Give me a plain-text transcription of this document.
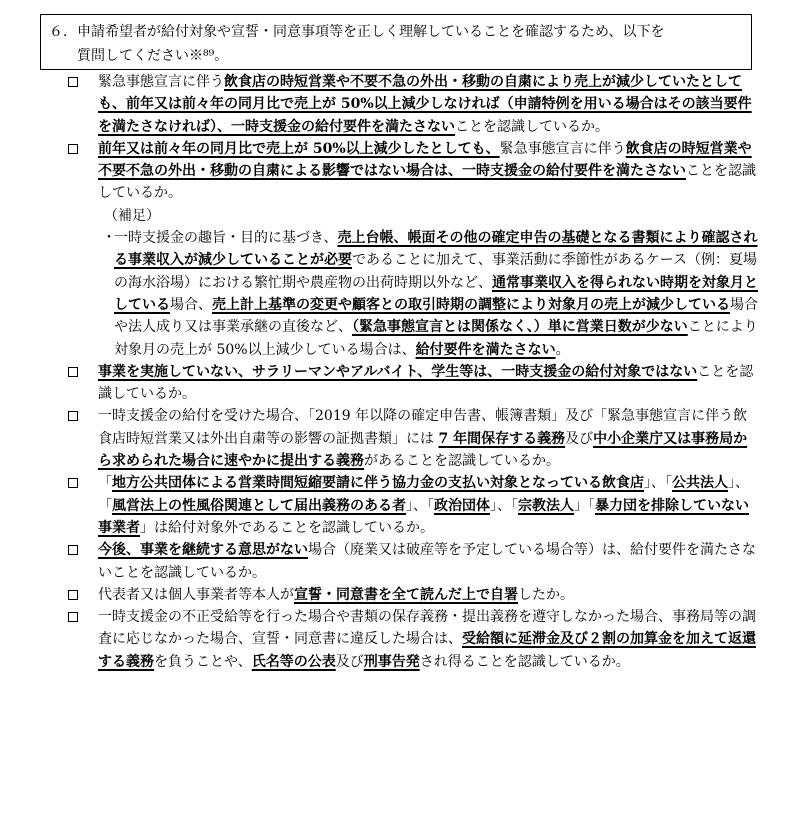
６．申請希望者が給付対象や宣誓・同意事項等を正しく理解していることを確認するため、以下を
質問してください※⁸⁹。
緊急事態宣言に伴う飲食店の時短営業や不要不急の外出・移動の自粛により売上が減少していたとしても、前年又は前々年の同月比で売上が 50%以上減少しなければ（申請特例を用いる場合はその該当要件を満たさなければ）、一時支援金の給付要件を満たさないことを認識しているか。
前年又は前々年の同月比で売上が 50%以上減少したとしても、緊急事態宣言に伴う飲食店の時短営業や不要不急の外出・移動の自粛による影響ではない場合は、一時支援金の給付要件を満たさないことを認識しているか。
（補足）
・
一時支援金の趣旨・目的に基づき、売上台帳、帳面その他の確定申告の基礎となる書類により確認される事業収入が減少していることが必要であることに加えて、事業活動に季節性があるケース（例：夏場の海水浴場）における繁忙期や農産物の出荷時期以外など、通常事業収入を得られない時期を対象月としている場合、売上計上基準の変更や顧客との取引時期の調整により対象月の売上が減少している場合や法人成り又は事業承継の直後など、（緊急事態宣言とは関係なく、）単に営業日数が少ないことにより対象月の売上が 50%以上減少している場合は、給付要件を満たさない。
事業を実施していない、サラリーマンやアルバイト、学生等は、一時支援金の給付対象ではないことを認識しているか。
一時支援金の給付を受けた場合、「2019 年以降の確定申告書、帳簿書類」及び「緊急事態宣言に伴う飲食店時短営業又は外出自粛等の影響の証拠書類」には 7 年間保存する義務及び中小企業庁又は事務局から求められた場合に速やかに提出する義務があることを認識しているか。
「地方公共団体による営業時間短縮要請に伴う協力金の支払い対象となっている飲食店」、「公共法人」、「風営法上の性風俗関連として届出義務のある者」、「政治団体」、「宗教法人」「暴力団を排除していない事業者」は給付対象外であることを認識しているか。
今後、事業を継続する意思がない場合（廃業又は破産等を予定している場合等）は、給付要件を満たさないことを認識しているか。
代表者又は個人事業者等本人が宣誓・同意書を全て読んだ上で自署したか。
一時支援金の不正受給等を行った場合や書類の保存義務・提出義務を遵守しなかった場合、事務局等の調査に応じなかった場合、宣誓・同意書に違反した場合は、受給額に延滞金及び２割の加算金を加えて返還する義務を負うことや、氏名等の公表及び刑事告発され得ることを認識しているか。
